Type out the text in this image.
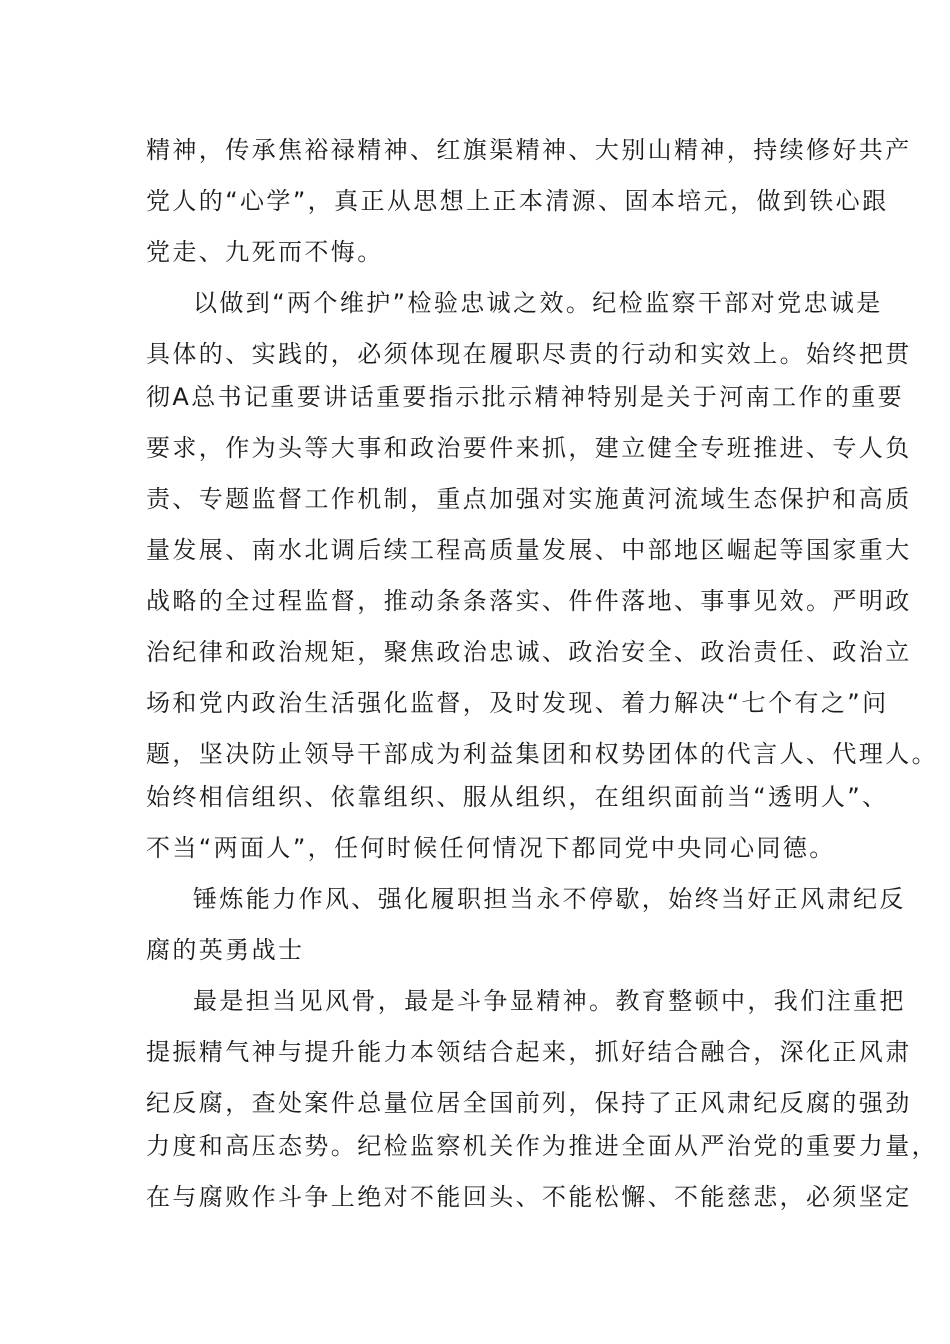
精神，传承焦裕禄精神、红旗渠精神、大别山精神，持续修好共产
党人的“心学”，真正从思想上正本清源、固本培元，做到铁心跟
党走、九死而不悔。
以做到“两个维护”检验忠诚之效。纪检监察干部对党忠诚是
具体的、实践的，必须体现在履职尽责的行动和实效上。始终把贯
彻A总书记重要讲话重要指示批示精神特别是关于河南工作的重要
要求，作为头等大事和政治要件来抓，建立健全专班推进、专人负
责、专题监督工作机制，重点加强对实施黄河流域生态保护和高质
量发展、南水北调后续工程高质量发展、中部地区崛起等国家重大
战略的全过程监督，推动条条落实、件件落地、事事见效。严明政
治纪律和政治规矩，聚焦政治忠诚、政治安全、政治责任、政治立
场和党内政治生活强化监督，及时发现、着力解决“七个有之”问
题，坚决防止领导干部成为利益集团和权势团体的代言人、代理人。
始终相信组织、依靠组织、服从组织，在组织面前当“透明人”、
不当“两面人”，任何时候任何情况下都同党中央同心同德。
锤炼能力作风、强化履职担当永不停歇，始终当好正风肃纪反
腐的英勇战士
最是担当见风骨，最是斗争显精神。教育整顿中，我们注重把
提振精气神与提升能力本领结合起来，抓好结合融合，深化正风肃
纪反腐，查处案件总量位居全国前列，保持了正风肃纪反腐的强劲
力度和高压态势。纪检监察机关作为推进全面从严治党的重要力量，
在与腐败作斗争上绝对不能回头、不能松懈、不能慈悲，必须坚定
